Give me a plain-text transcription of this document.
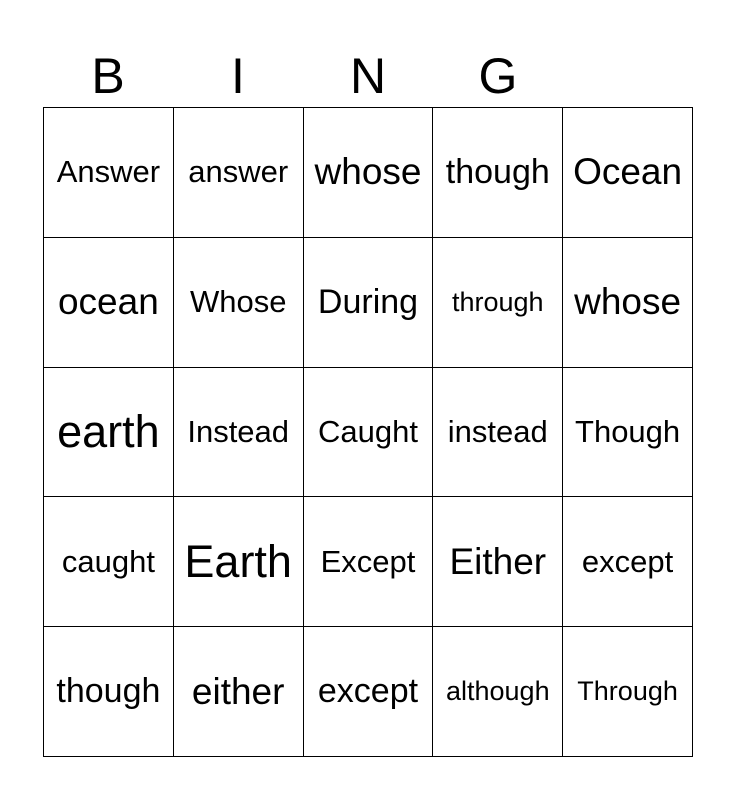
B	I	N	G
Answer answer whose though Ocean
ocean	Whose During	through whose
earth Instead Caught instead Though
caught Earth Except Either	except
though either except	although	Through
